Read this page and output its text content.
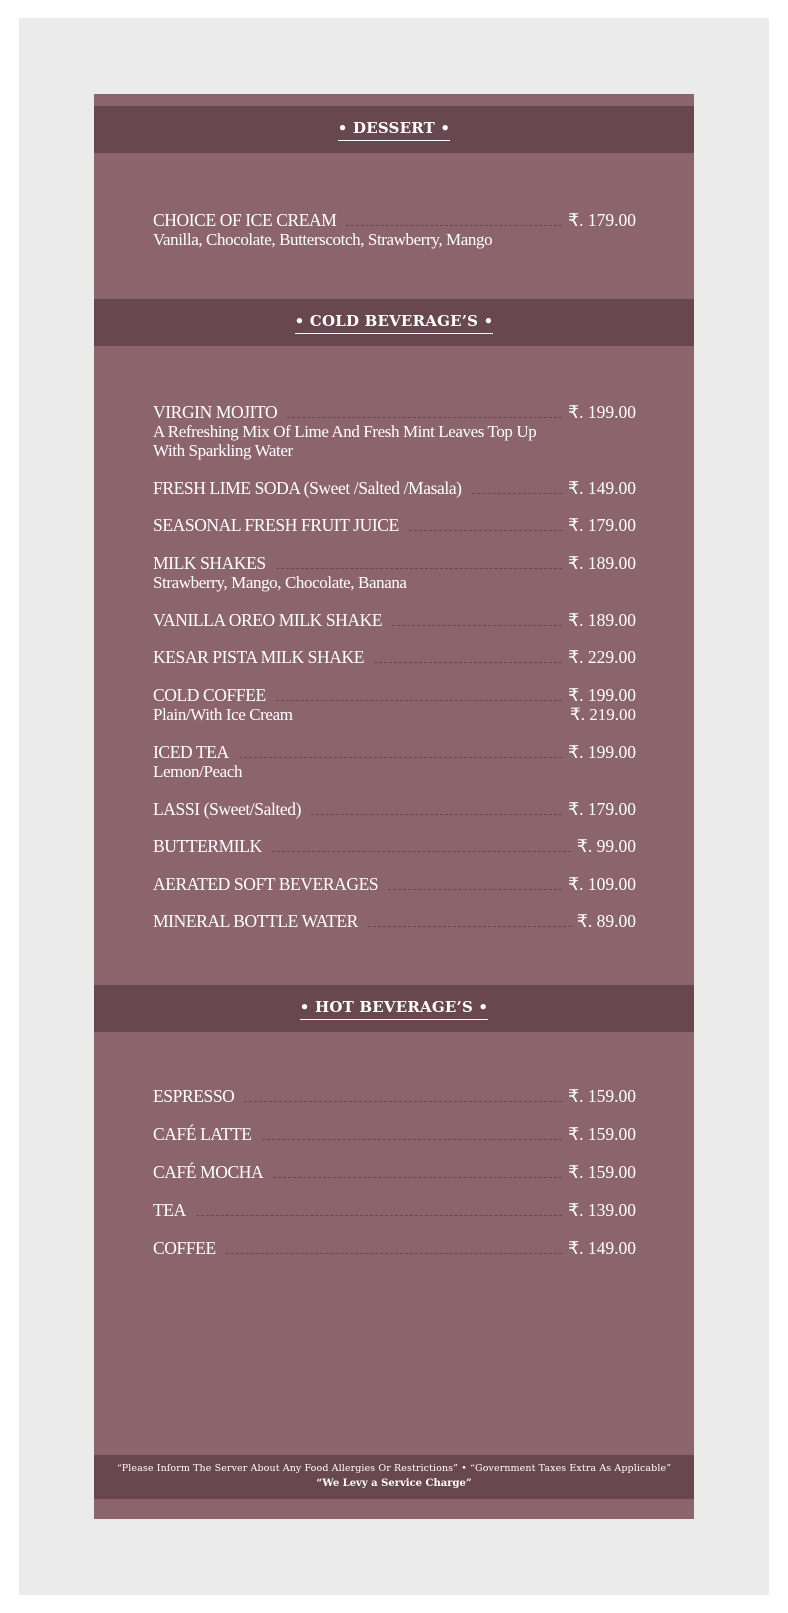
• DESSERT •
CHOICE OF ICE CREAM	₹. 179.00
Vanilla, Chocolate, Butterscotch, Strawberry, Mango
• COLD BEVERAGE’S •
VIRGIN MOJITO	₹. 199.00
A Refreshing Mix Of Lime And Fresh Mint Leaves Top Up With Sparkling Water
FRESH LIME SODA (Sweet /Salted /Masala)	₹. 149.00
SEASONAL FRESH FRUIT JUICE	₹. 179.00
MILK SHAKES	₹. 189.00
Strawberry, Mango, Chocolate, Banana
VANILLA OREO MILK SHAKE	₹. 189.00
KESAR PISTA MILK SHAKE	₹. 229.00
COLD COFFEE	₹. 199.00
Plain/With Ice Cream	₹. 219.00
ICED TEA	₹. 199.00
Lemon/Peach
LASSI (Sweet/Salted)	₹. 179.00
BUTTERMILK	₹. 99.00
AERATED SOFT BEVERAGES	₹. 109.00
MINERAL BOTTLE WATER	₹. 89.00
• HOT BEVERAGE’S •
ESPRESSO	₹. 159.00
CAFÉ LATTE	₹. 159.00
CAFÉ MOCHA	₹. 159.00
TEA	₹. 139.00
COFFEE	₹. 149.00
“Please Inform The Server About Any Food Allergies Or Restrictions” • “Government Taxes Extra As Applicable”
“We Levy a Service Charge”
